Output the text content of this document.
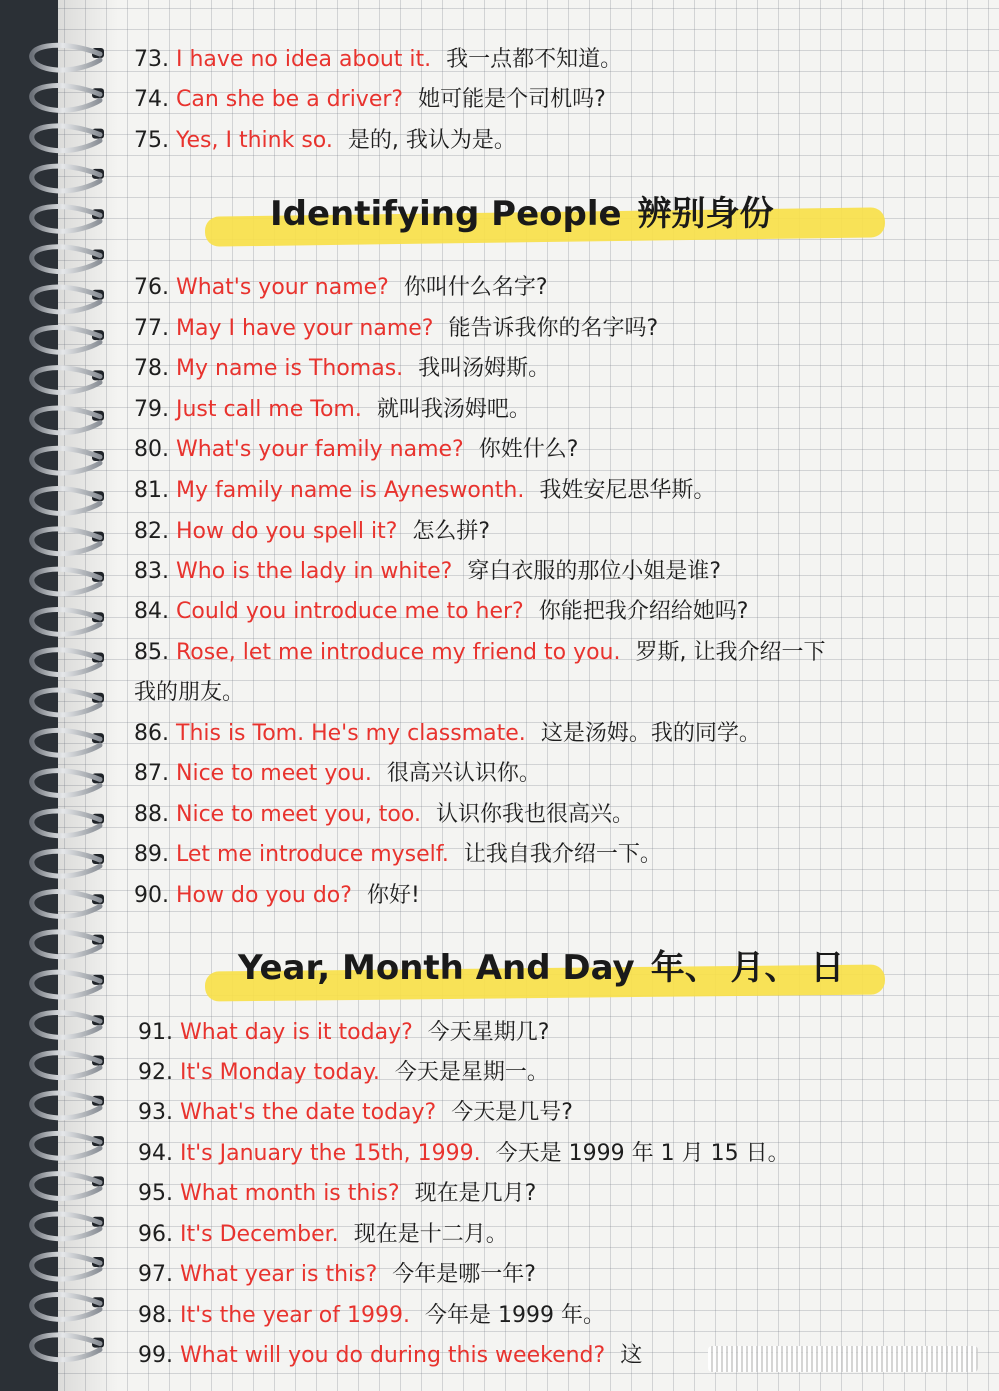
73. I have no idea about it. 我一点都不知道。
74. Can she be a driver? 她可能是个司机吗?
75. Yes, I think so. 是的, 我认为是。
Identifying People 辨别身份
76. What's your name? 你叫什么名字?
77. May I have your name? 能告诉我你的名字吗?
78. My name is Thomas. 我叫汤姆斯。
79. Just call me Tom. 就叫我汤姆吧。
80. What's your family name? 你姓什么?
81. My family name is Ayneswonth. 我姓安尼思华斯。
82. How do you spell it? 怎么拼?
83. Who is the lady in white? 穿白衣服的那位小姐是谁?
84. Could you introduce me to her? 你能把我介绍给她吗?
85. Rose, let me introduce my friend to you. 罗斯, 让我介绍一下
我的朋友。
86. This is Tom. He's my classmate. 这是汤姆。我的同学。
87. Nice to meet you. 很高兴认识你。
88. Nice to meet you, too. 认识你我也很高兴。
89. Let me introduce myself. 让我自我介绍一下。
90. How do you do? 你好!
Year, Month And Day 年、 月、 日
91. What day is it today? 今天星期几?
92. It's Monday today. 今天是星期一。
93. What's the date today? 今天是几号?
94. It's January the 15th, 1999. 今天是 1999 年 1 月 15 日。
95. What month is this? 现在是几月?
96. It's December. 现在是十二月。
97. What year is this? 今年是哪一年?
98. It's the year of 1999. 今年是 1999 年。
99. What will you do during this weekend? 这
